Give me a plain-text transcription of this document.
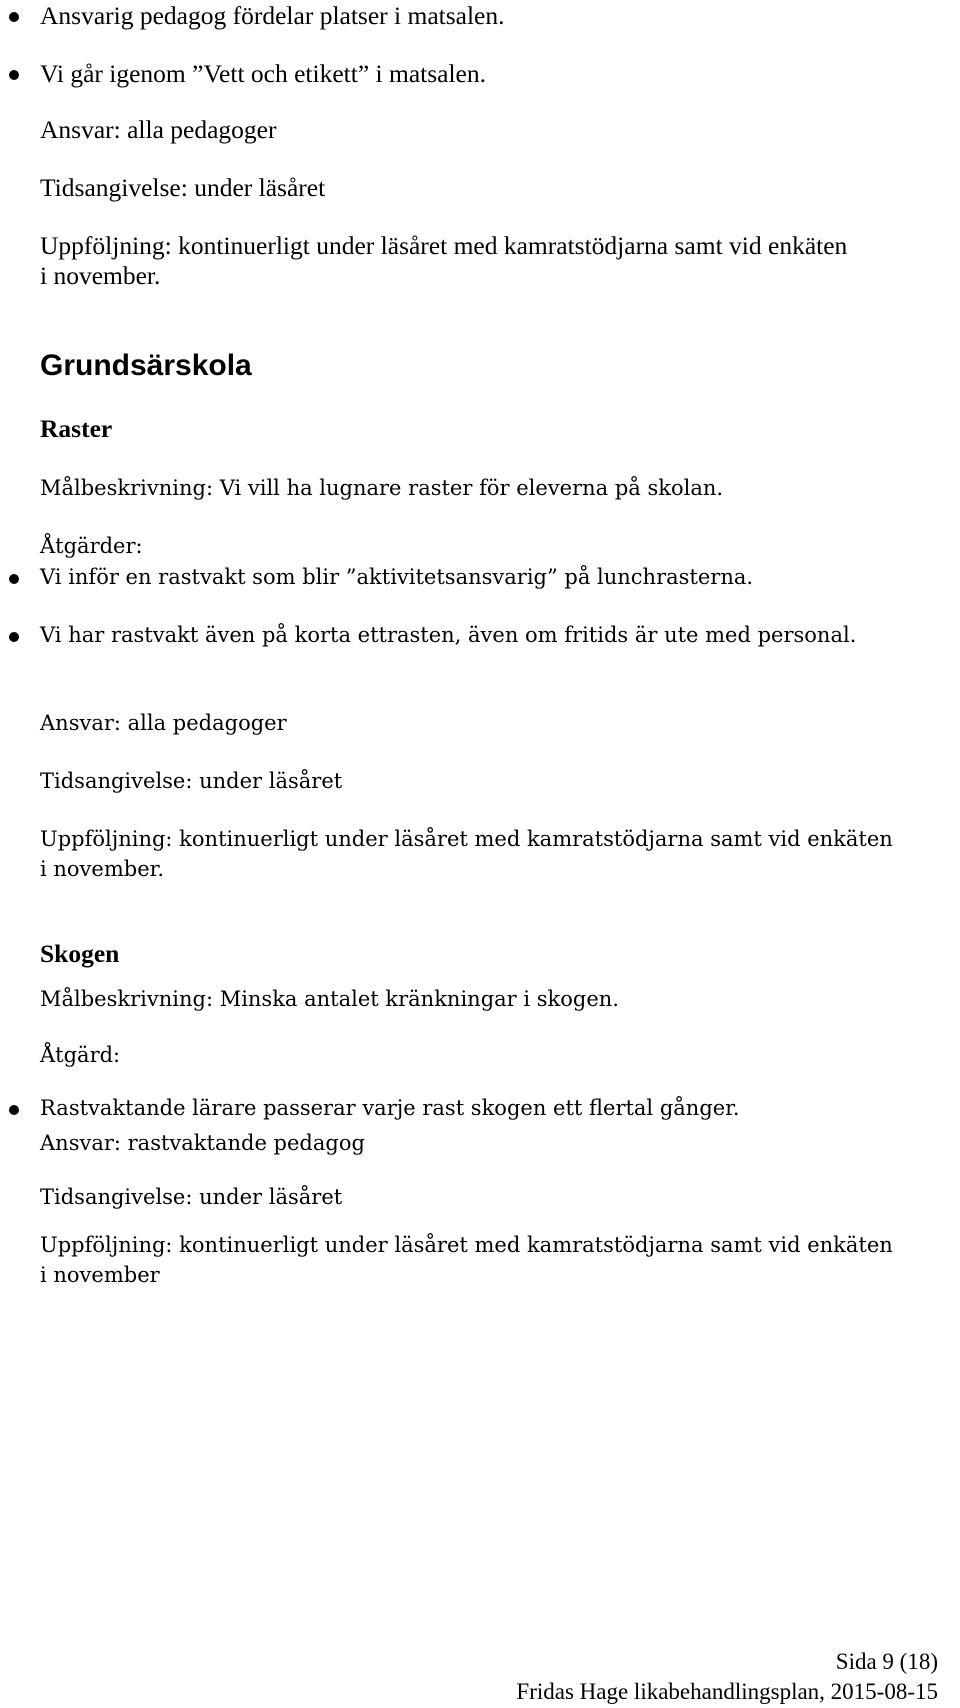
Ansvarig pedagog fördelar platser i matsalen.
Vi går igenom ”Vett och etikett” i matsalen.
Ansvar: alla pedagoger
Tidsangivelse: under läsåret
Uppföljning: kontinuerligt under läsåret med kamratstödjarna samt vid enkäten
i november.
Grundsärskola
Raster
Målbeskrivning: Vi vill ha lugnare raster för eleverna på skolan.
Åtgärder:
Vi inför en rastvakt som blir ”aktivitetsansvarig” på lunchrasterna.
Vi har rastvakt även på korta ettrasten, även om fritids är ute med personal.
Ansvar: alla pedagoger
Tidsangivelse: under läsåret
Uppföljning: kontinuerligt under läsåret med kamratstödjarna samt vid enkäten
i november.
Skogen
Målbeskrivning: Minska antalet kränkningar i skogen.
Åtgärd:
Rastvaktande lärare passerar varje rast skogen ett flertal gånger.
Ansvar: rastvaktande pedagog
Tidsangivelse: under läsåret
Uppföljning: kontinuerligt under läsåret med kamratstödjarna samt vid enkäten
i november
Sida 9 (18)
Fridas Hage likabehandlingsplan, 2015-08-15
